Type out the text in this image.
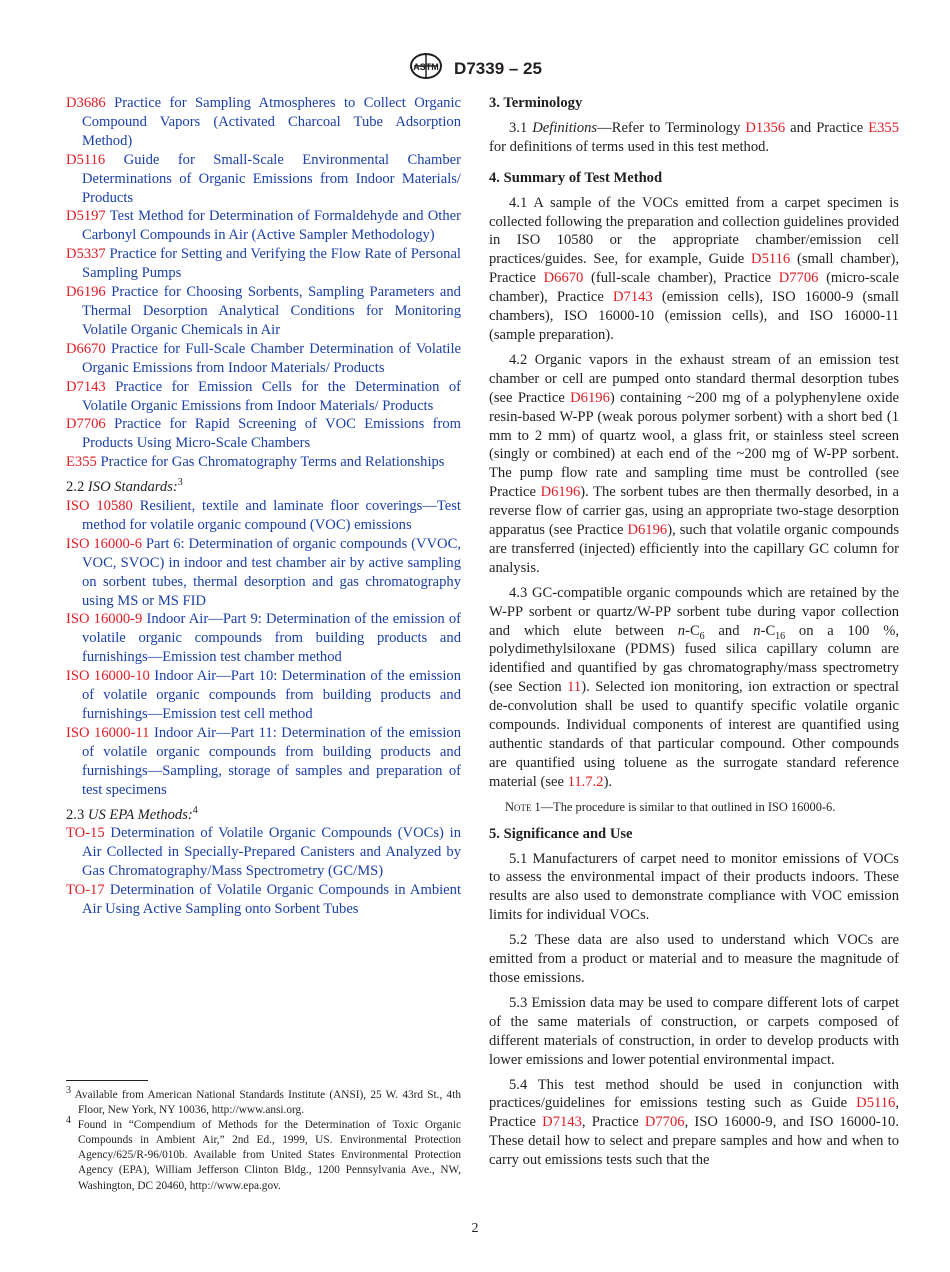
ASTM D7339 – 25

D3686 Practice for Sampling Atmospheres to Collect Organic Compound Vapors (Activated Charcoal Tube Adsorption Method)

D5116 Guide for Small-Scale Environmental Chamber Determinations of Organic Emissions from Indoor Materials/ Products

D5197 Test Method for Determination of Formaldehyde and Other Carbonyl Compounds in Air (Active Sampler Methodology)

D5337 Practice for Setting and Verifying the Flow Rate of Personal Sampling Pumps

D6196 Practice for Choosing Sorbents, Sampling Parameters and Thermal Desorption Analytical Conditions for Monitoring Volatile Organic Chemicals in Air

D6670 Practice for Full-Scale Chamber Determination of Volatile Organic Emissions from Indoor Materials/ Products

D7143 Practice for Emission Cells for the Determination of Volatile Organic Emissions from Indoor Materials/ Products

D7706 Practice for Rapid Screening of VOC Emissions from Products Using Micro-Scale Chambers

E355 Practice for Gas Chromatography Terms and Relationships

2.2 ISO Standards:$^3$

ISO 10580 Resilient, textile and laminate floor coverings—Test method for volatile organic compound (VOC) emissions

ISO 16000-6 Part 6: Determination of organic compounds (VVOC, VOC, SVOC) in indoor and test chamber air by active sampling on sorbent tubes, thermal desorption and gas chromatography using MS or MS FID

ISO 16000-9 Indoor Air—Part 9: Determination of the emission of volatile organic compounds from building products and furnishings—Emission test chamber method

ISO 16000-10 Indoor Air—Part 10: Determination of the emission of volatile organic compounds from building products and furnishings—Emission test cell method

ISO 16000-11 Indoor Air—Part 11: Determination of the emission of volatile organic compounds from building products and furnishings—Sampling, storage of samples and preparation of test specimens

2.3 US EPA Methods:$^4$

TO-15 Determination of Volatile Organic Compounds (VOCs) in Air Collected in Specially-Prepared Canisters and Analyzed by Gas Chromatography/Mass Spectrometry (GC/MS)

TO-17 Determination of Volatile Organic Compounds in Ambient Air Using Active Sampling onto Sorbent Tubes

$^3$ Available from American National Standards Institute (ANSI), 25 W. 43rd St., 4th Floor, New York, NY 10036, http://www.ansi.org.

$^4$ Found in “Compendium of Methods for the Determination of Toxic Organic Compounds in Ambient Air,” 2nd Ed., 1999, US. Environmental Protection Agency/625/R-96/010b. Available from United States Environmental Protection Agency (EPA), William Jefferson Clinton Bldg., 1200 Pennsylvania Ave., NW, Washington, DC 20460, http://www.epa.gov.

3. Terminology

3.1 Definitions—Refer to Terminology D1356 and Practice E355 for definitions of terms used in this test method.

4. Summary of Test Method

4.1 A sample of the VOCs emitted from a carpet specimen is collected following the preparation and collection guidelines provided in ISO 10580 or the appropriate chamber/emission cell practices/guides. See, for example, Guide D5116 (small chamber), Practice D6670 (full-scale chamber), Practice D7706 (micro-scale chamber), Practice D7143 (emission cells), ISO 16000-9 (small chambers), ISO 16000-10 (emission cells), and ISO 16000-11 (sample preparation).

4.2 Organic vapors in the exhaust stream of an emission test chamber or cell are pumped onto standard thermal desorption tubes (see Practice D6196) containing ~200 mg of a polyphenylene oxide resin-based W-PP (weak porous polymer sorbent) with a short bed (1 mm to 2 mm) of quartz wool, a glass frit, or stainless steel screen (singly or combined) at each end of the ~200 mg of W-PP sorbent. The pump flow rate and sampling time must be controlled (see Practice D6196). The sorbent tubes are then thermally desorbed, in a reverse flow of carrier gas, using an appropriate two-stage desorption apparatus (see Practice D6196), such that volatile organic compounds are transferred (injected) efficiently into the capillary GC column for analysis.

4.3 GC-compatible organic compounds which are retained by the W-PP sorbent or quartz/W-PP sorbent tube during vapor collection and which elute between $n-C_6$ and $n-C_{16}$ on a 100 %, polydimethylsiloxane (PDMS) fused silica capillary column are identified and quantified by gas chromatography/mass spectrometry (see Section 11). Selected ion monitoring, ion extraction or spectral de-convolution shall be used to quantify specific volatile organic compounds. Individual components of interest are quantified using authentic standards of that particular compound. Other compounds are quantified using toluene as the surrogate standard reference material (see 11.7.2).

Note 1—The procedure is similar to that outlined in ISO 16000-6.

5. Significance and Use

5.1 Manufacturers of carpet need to monitor emissions of VOCs to assess the environmental impact of their products indoors. These results are also used to demonstrate compliance with VOC emission limits for individual VOCs.

5.2 These data are also used to understand which VOCs are emitted from a product or material and to measure the magnitude of those emissions.

5.3 Emission data may be used to compare different lots of carpet of the same materials of construction, or carpets composed of different materials of construction, in order to develop products with lower emissions and lower potential environmental impact.

5.4 This test method should be used in conjunction with practices/guidelines for emissions testing such as Guide D5116, Practice D7143, Practice D7706, ISO 16000-9, and ISO 16000-10. These detail how to select and prepare samples and how and when to carry out emissions tests such that the

2
